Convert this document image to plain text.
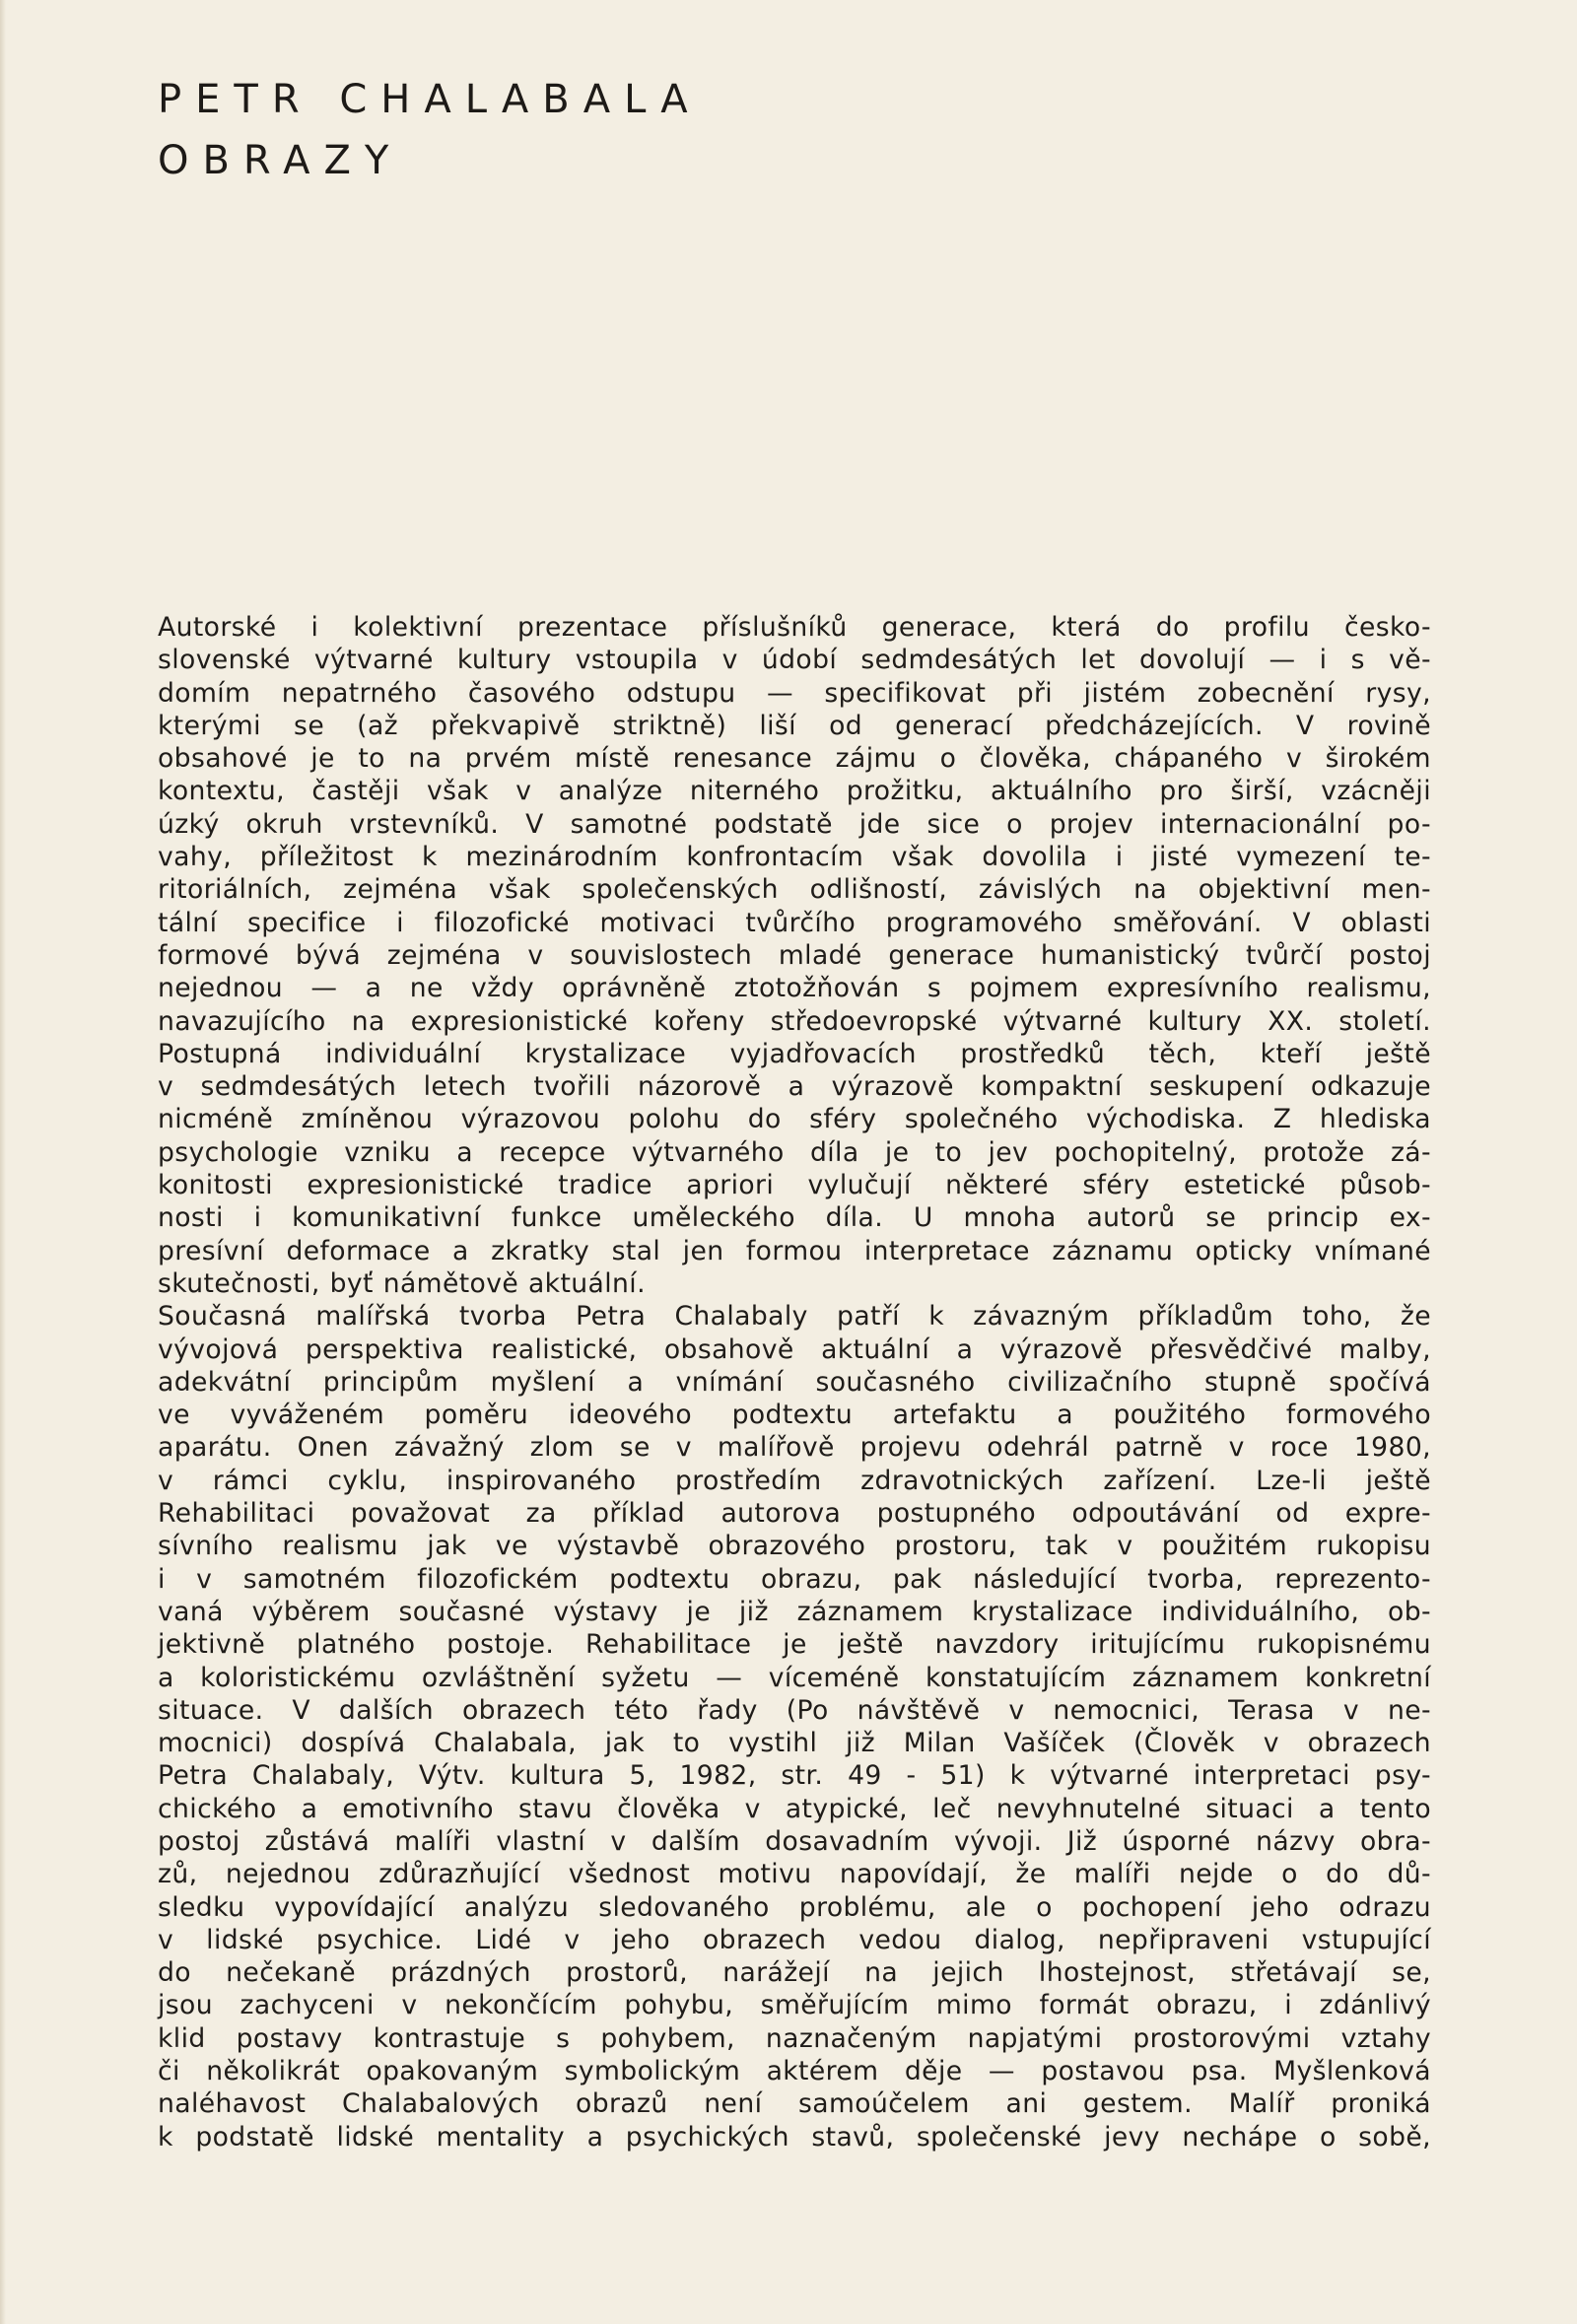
PETR CHALABALA
OBRAZY
Autorské i kolektivní prezentace příslušníků generace, která do profilu česko-
slovenské výtvarné kultury vstoupila v údobí sedmdesátých let dovolují — i s vě-
domím nepatrného časového odstupu — specifikovat při jistém zobecnění rysy,
kterými se (až překvapivě striktně) liší od generací předcházejících. V rovině
obsahové je to na prvém místě renesance zájmu o člověka, chápaného v širokém
kontextu, častěji však v analýze niterného prožitku, aktuálního pro širší, vzácněji
úzký okruh vrstevníků. V samotné podstatě jde sice o projev internacionální po-
vahy, příležitost k mezinárodním konfrontacím však dovolila i jisté vymezení te-
ritoriálních, zejména však společenských odlišností, závislých na objektivní men-
tální specifice i filozofické motivaci tvůrčího programového směřování. V oblasti
formové bývá zejména v souvislostech mladé generace humanistický tvůrčí postoj
nejednou — a ne vždy oprávněně ztotožňován s pojmem expresívního realismu,
navazujícího na expresionistické kořeny středoevropské výtvarné kultury XX. století.
Postupná individuální krystalizace vyjadřovacích prostředků těch, kteří ještě
v sedmdesátých letech tvořili názorově a výrazově kompaktní seskupení odkazuje
nicméně zmíněnou výrazovou polohu do sféry společného východiska. Z hlediska
psychologie vzniku a recepce výtvarného díla je to jev pochopitelný, protože zá-
konitosti expresionistické tradice apriori vylučují některé sféry estetické působ-
nosti i komunikativní funkce uměleckého díla. U mnoha autorů se princip ex-
presívní deformace a zkratky stal jen formou interpretace záznamu opticky vnímané
skutečnosti, byť námětově aktuální.
Současná malířská tvorba Petra Chalabaly patří k závazným příkladům toho, že
vývojová perspektiva realistické, obsahově aktuální a výrazově přesvědčivé malby,
adekvátní principům myšlení a vnímání současného civilizačního stupně spočívá
ve vyváženém poměru ideového podtextu artefaktu a použitého formového
aparátu. Onen závažný zlom se v malířově projevu odehrál patrně v roce 1980,
v rámci cyklu, inspirovaného prostředím zdravotnických zařízení. Lze-li ještě
Rehabilitaci považovat za příklad autorova postupného odpoutávání od expre-
sívního realismu jak ve výstavbě obrazového prostoru, tak v použitém rukopisu
i v samotném filozofickém podtextu obrazu, pak následující tvorba, reprezento-
vaná výběrem současné výstavy je již záznamem krystalizace individuálního, ob-
jektivně platného postoje. Rehabilitace je ještě navzdory iritujícímu rukopisnému
a koloristickému ozvláštnění syžetu — víceméně konstatujícím záznamem konkretní
situace. V dalších obrazech této řady (Po návštěvě v nemocnici, Terasa v ne-
mocnici) dospívá Chalabala, jak to vystihl již Milan Vašíček (Člověk v obrazech
Petra Chalabaly, Výtv. kultura 5, 1982, str. 49 - 51) k výtvarné interpretaci psy-
chického a emotivního stavu člověka v atypické, leč nevyhnutelné situaci a tento
postoj zůstává malíři vlastní v dalším dosavadním vývoji. Již úsporné názvy obra-
zů, nejednou zdůrazňující všednost motivu napovídají, že malíři nejde o do dů-
sledku vypovídající analýzu sledovaného problému, ale o pochopení jeho odrazu
v lidské psychice. Lidé v jeho obrazech vedou dialog, nepřipraveni vstupující
do nečekaně prázdných prostorů, narážejí na jejich lhostejnost, střetávají se,
jsou zachyceni v nekončícím pohybu, směřujícím mimo formát obrazu, i zdánlivý
klid postavy kontrastuje s pohybem, naznačeným napjatými prostorovými vztahy
či několikrát opakovaným symbolickým aktérem děje — postavou psa. Myšlenková
naléhavost Chalabalových obrazů není samoúčelem ani gestem. Malíř proniká
k podstatě lidské mentality a psychických stavů, společenské jevy nechápe o sobě,
